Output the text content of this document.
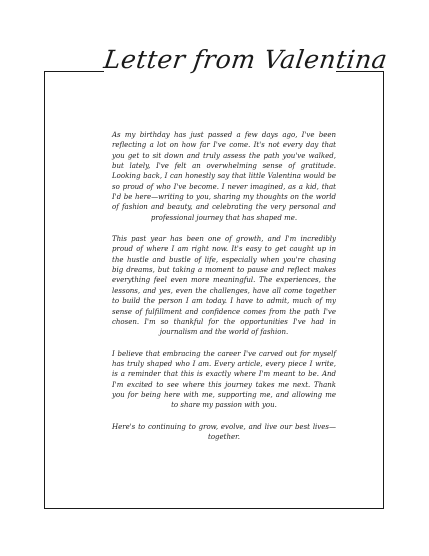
Letter from Valentina

As my birthday has just passed a few days ago, I've been reflecting a lot on how far I've come. It's not every day that you get to sit down and truly assess the path you've walked, but lately, I've felt an overwhelming sense of gratitude. Looking back, I can honestly say that little Valentina would be so proud of who I've become. I never imagined, as a kid, that I'd be here—writing to you, sharing my thoughts on the world of fashion and beauty, and celebrating the very personal and professional journey that has shaped me.

This past year has been one of growth, and I'm incredibly proud of where I am right now. It's easy to get caught up in the hustle and bustle of life, especially when you're chasing big dreams, but taking a moment to pause and reflect makes everything feel even more meaningful. The experiences, the lessons, and yes, even the challenges, have all come together to build the person I am today. I have to admit, much of my sense of fulfillment and confidence comes from the path I've chosen. I'm so thankful for the opportunities I've had in journalism and the world of fashion.

I believe that embracing the career I've carved out for myself has truly shaped who I am. Every article, every piece I write, is a reminder that this is exactly where I'm meant to be. And I'm excited to see where this journey takes me next. Thank you for being here with me, supporting me, and allowing me to share my passion with you.

Here's to continuing to grow, evolve, and live our best lives—together.
